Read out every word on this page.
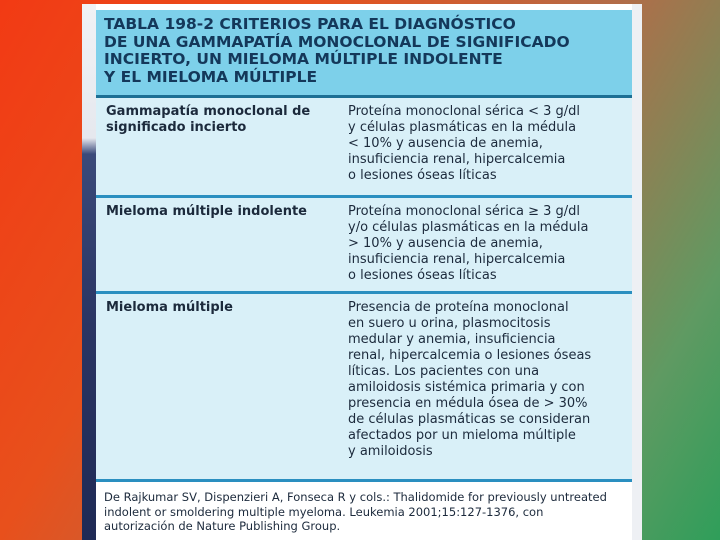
TABLA 198-2 CRITERIOS PARA EL DIAGNÓSTICO
DE UNA GAMMAPATÍA MONOCLONAL DE SIGNIFICADO
INCIERTO, UN MIELOMA MÚLTIPLE INDOLENTE
Y EL MIELOMA MÚLTIPLE

Gammapatía monoclonal de
significado incierto

Proteína monoclonal sérica < 3 g/dl
y células plasmáticas en la médula
< 10% y ausencia de anemia,
insuficiencia renal, hipercalcemia
o lesiones óseas líticas

Mieloma múltiple indolente	Proteína monoclonal sérica ≥ 3 g/dl
y/o células plasmáticas en la médula
> 10% y ausencia de anemia,
insuficiencia renal, hipercalcemia
o lesiones óseas líticas

Mieloma múltiple	Presencia de proteína monoclonal
en suero u orina, plasmocitosis
medular y anemia, insuficiencia
renal, hipercalcemia o lesiones óseas
líticas. Los pacientes con una
amiloidosis sistémica primaria y con
presencia en médula ósea de > 30%
de células plasmáticas se consideran
afectados por un mieloma múltiple
y amiloidosis

De Rajkumar SV, Dispenzieri A, Fonseca R y cols.: Thalidomide for previously untreated
indolent or smoldering multiple myeloma. Leukemia 2001;15:127-1376, con
autorización de Nature Publishing Group.
